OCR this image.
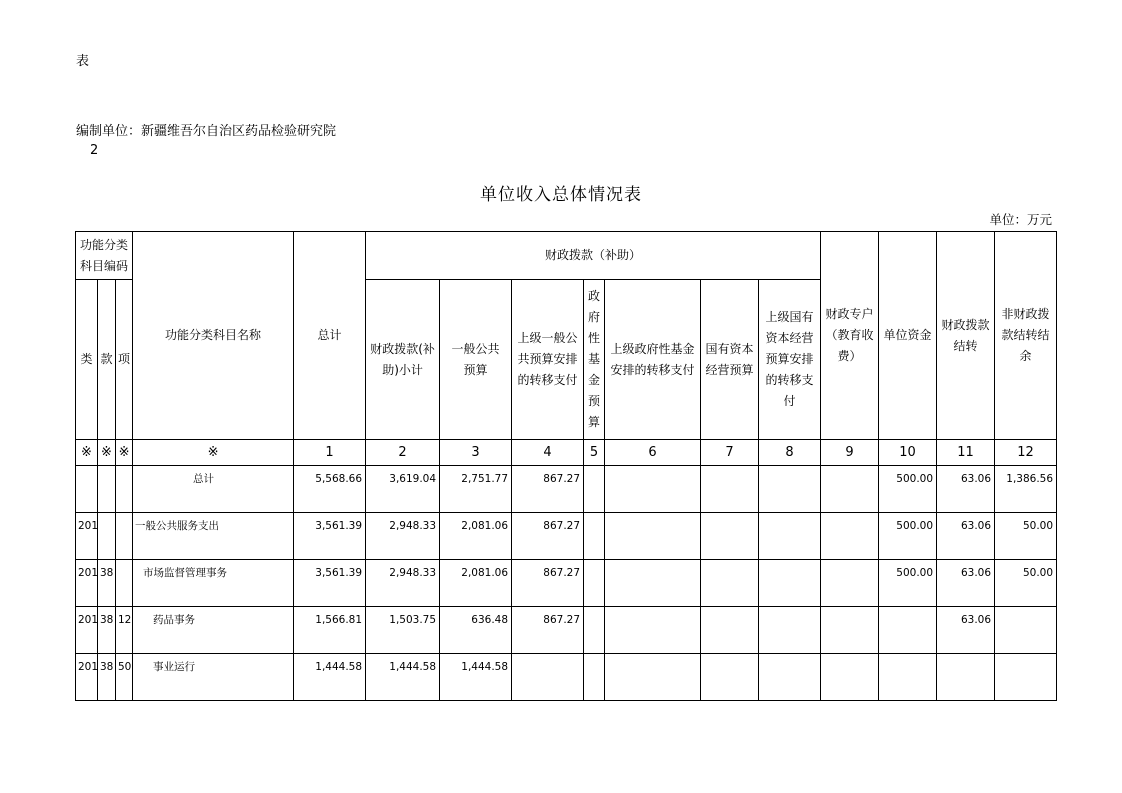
表
编制单位：新疆维吾尔自治区药品检验研究院
2
单位收入总体情况表
单位：万元
功能分类科目编码			功能分类科目名称	总计	财政拨款（补助）							财政专户（教育收费）	单位资金	财政拨款结转	非财政拨款结转结余
类	款	项			财政拨款(补助)小计	一般公共预算	上级一般公共预算安排的转移支付	政府性基金预算	上级政府性基金安排的转移支付	国有资本经营预算	上级国有资本经营预算安排的转移支付				
※	※	※	※	1	2	3	4	5	6	7	8	9	10	11	12
			总计	5,568.66	3,619.04	2,751.77	867.27						500.00	63.06	1,386.56
201			一般公共服务支出	3,561.39	2,948.33	2,081.06	867.27						500.00	63.06	50.00
201	38		市场监督管理事务	3,561.39	2,948.33	2,081.06	867.27						500.00	63.06	50.00
201	38	12	药品事务	1,566.81	1,503.75	636.48	867.27							63.06	
201	38	50	事业运行	1,444.58	1,444.58	1,444.58									
